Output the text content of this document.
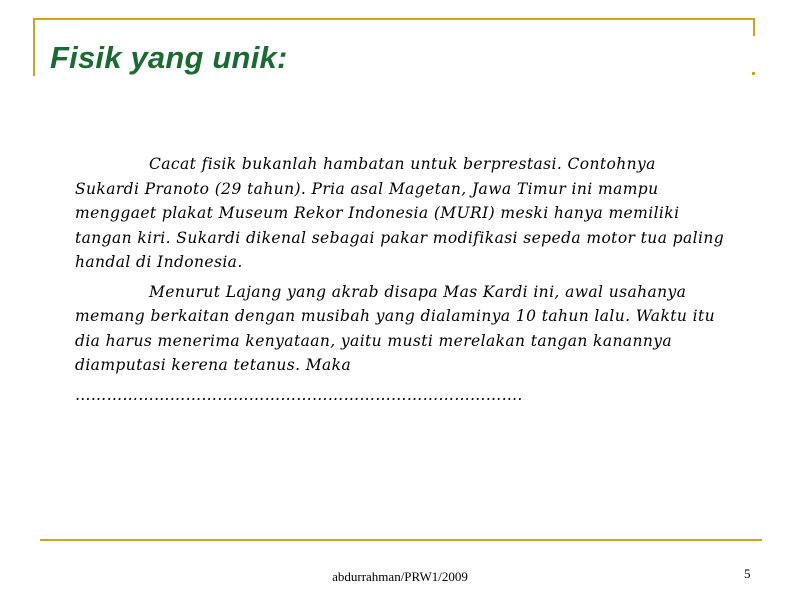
Fisik yang unik:

Cacat fisik bukanlah hambatan untuk berprestasi. Contohnya Sukardi Pranoto (29 tahun). Pria asal Magetan, Jawa Timur ini mampu menggaet plakat Museum Rekor Indonesia (MURI) meski hanya memiliki tangan kiri. Sukardi dikenal sebagai pakar modifikasi sepeda motor tua paling handal di Indonesia.

Menurut Lajang yang akrab disapa Mas Kardi ini, awal usahanya memang berkaitan dengan musibah yang dialaminya 10 tahun lalu. Waktu itu dia harus menerima kenyataan, yaitu musti merelakan tangan kanannya diamputasi kerena tetanus. Maka

………………………………………………………………………….

abdurrahman/PRW1/2009	5
